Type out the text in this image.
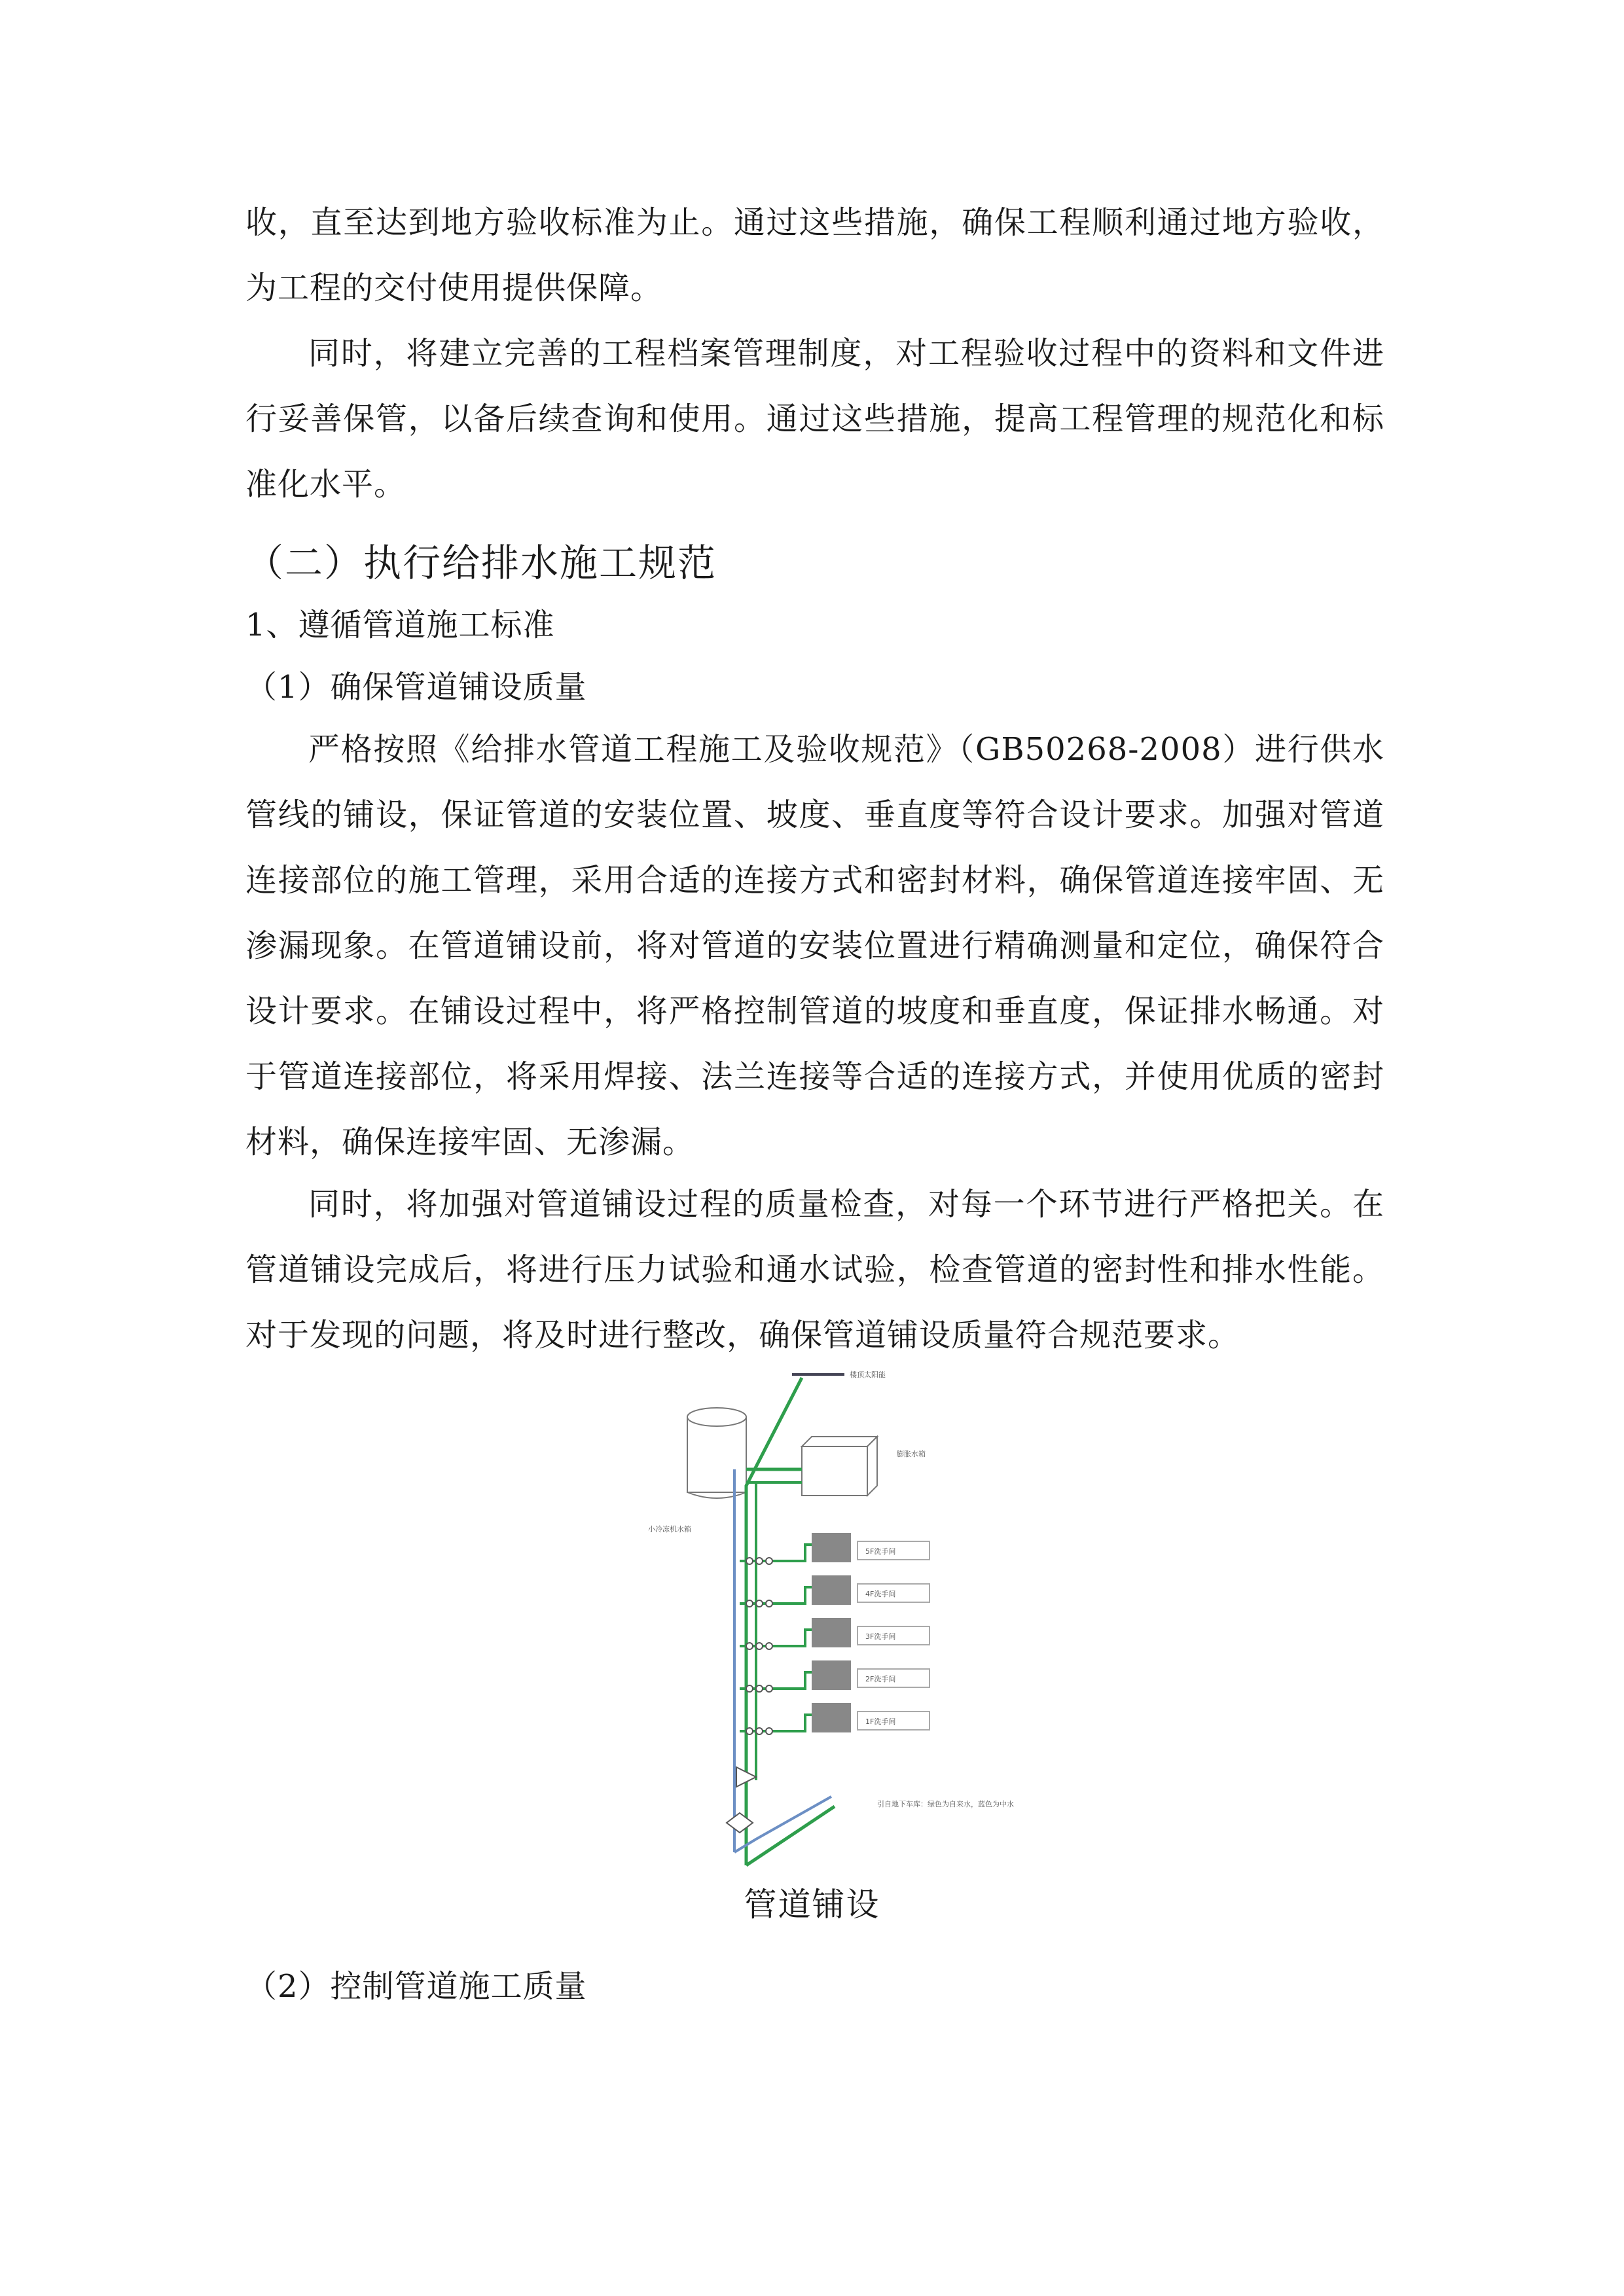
收，直至达到地方验收标准为止。通过这些措施，确保工程顺利通过地方验收，为工程的交付使用提供保障。

同时，将建立完善的工程档案管理制度，对工程验收过程中的资料和文件进行妥善保管，以备后续查询和使用。通过这些措施，提高工程管理的规范化和标准化水平。

（二）执行给排水施工规范
1、遵循管道施工标准
（1）确保管道铺设质量

严格按照《给排水管道工程施工及验收规范》（GB50268-2008）进行供水管线的铺设，保证管道的安装位置、坡度、垂直度等符合设计要求。加强对管道连接部位的施工管理，采用合适的连接方式和密封材料，确保管道连接牢固、无渗漏现象。在管道铺设前，将对管道的安装位置进行精确测量和定位，确保符合设计要求。在铺设过程中，将严格控制管道的坡度和垂直度，保证排水畅通。对于管道连接部位，将采用焊接、法兰连接等合适的连接方式，并使用优质的密封材料，确保连接牢固、无渗漏。

同时，将加强对管道铺设过程的质量检查，对每一个环节进行严格把关。在管道铺设完成后，将进行压力试验和通水试验，检查管道的密封性和排水性能。对于发现的问题，将及时进行整改，确保管道铺设质量符合规范要求。

楼顶太阳能
小冷冻机水箱
膨胀水箱
5F洗手间
4F洗手间
3F洗手间
2F洗手间
1F洗手间
引自地下车库：绿色为自来水，蓝色为中水
管道铺设
（2）控制管道施工质量
